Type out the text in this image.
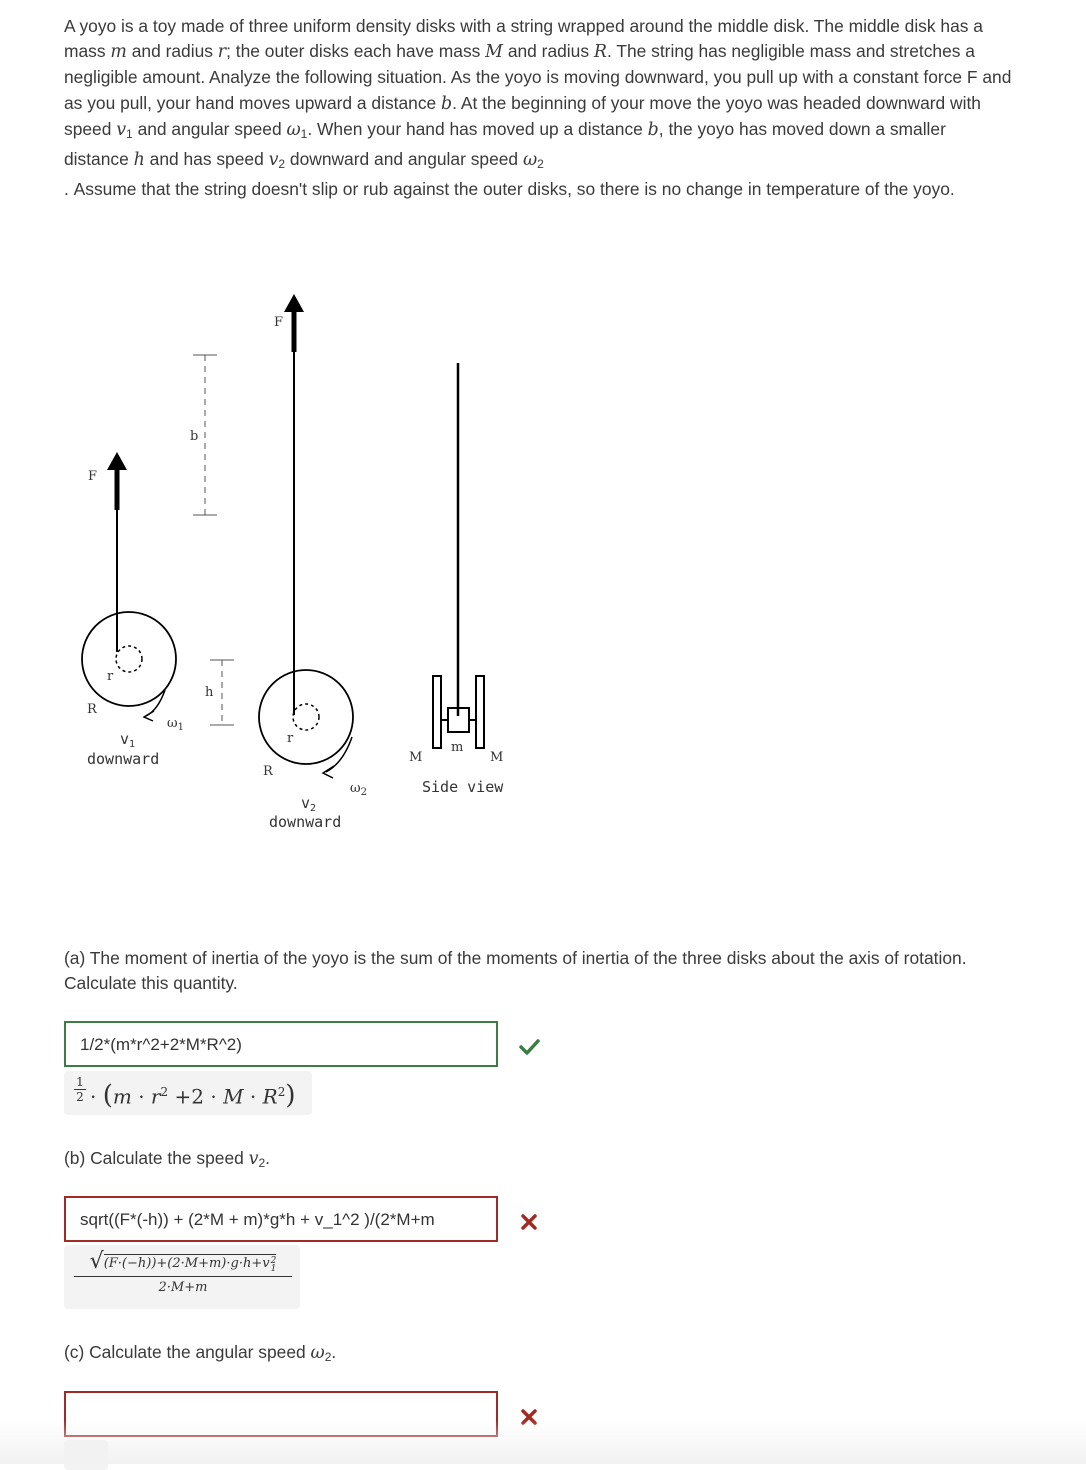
A yoyo is a toy made of three uniform density disks with a string wrapped around the middle disk. The middle disk has a mass m and radius r; the outer disks each have mass M and radius R. The string has negligible mass and stretches a negligible amount. Analyze the following situation. As the yoyo is moving downward, you pull up with a constant force F and as you pull, your hand moves upward a distance b. At the beginning of your move the yoyo was headed downward with speed $v_1$ and angular speed $\omega_1$. When your hand has moved up a distance b, the yoyo has moved down a smaller distance h and has speed $v_2$ downward and angular speed $\omega_2$
. Assume that the string doesn't slip or rub against the outer disks, so there is no change in temperature of the yoyo.
F
b
r
R
$\omega_1$
$v_1$
downward
h
F
r
R
$\omega_2$
$v_2$
downward
M
m
M
Side view
(a) The moment of inertia of the yoyo is the sum of the moments of inertia of the three disks about the axis of rotation. Calculate this quantity.
1/2*(m*r^2+2*M*R^2)
$\frac{1}{2} \cdot (m \cdot r^2 +2 \cdot M \cdot R^2)$
(b) Calculate the speed $v_2$.
sqrt((F*(-h)) + (2*M + m)*g*h + v_1^2 )/(2*M+m
√ (F·(−h))+(2·M+m)·g·h+v 2
1
2·M+m
(c) Calculate the angular speed $\omega_2$.
